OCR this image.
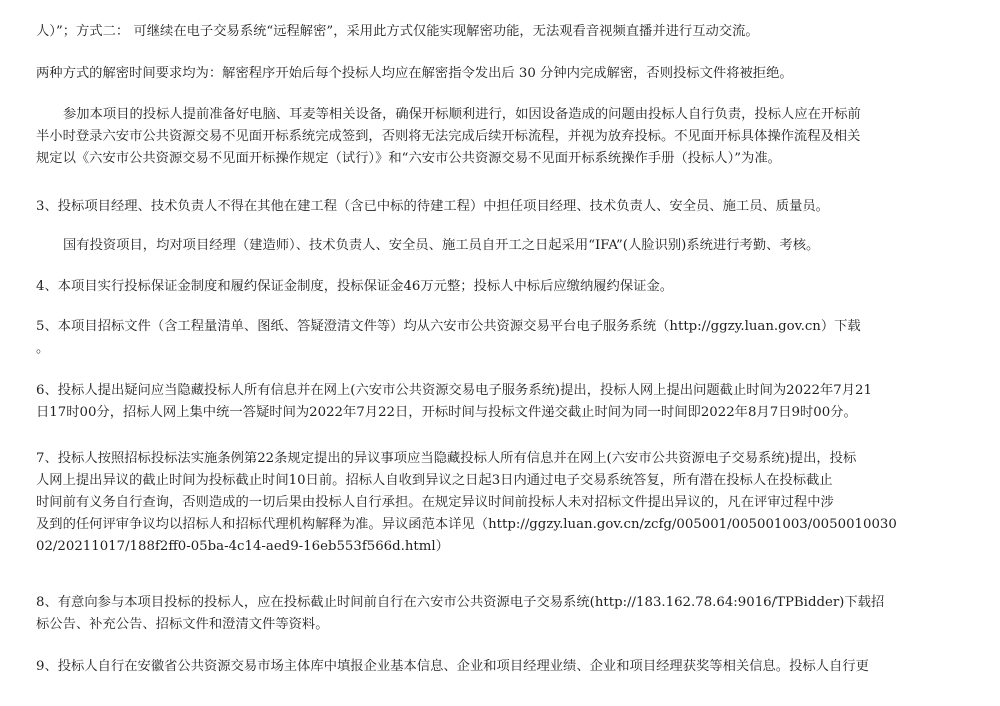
人）”；方式二： 可继续在电子交易系统“远程解密”，采用此方式仅能实现解密功能，无法观看音视频直播并进行互动交流。

两种方式的解密时间要求均为：解密程序开始后每个投标人均应在解密指令发出后 30 分钟内完成解密，否则投标文件将被拒绝。

参加本项目的投标人提前准备好电脑、耳麦等相关设备，确保开标顺利进行，如因设备造成的问题由投标人自行负责，投标人应在开标前
半小时登录六安市公共资源交易不见面开标系统完成签到，否则将无法完成后续开标流程，并视为放弃投标。不见面开标具体操作流程及相关
规定以《六安市公共资源交易不见面开标操作规定（试行）》和“六安市公共资源交易不见面开标系统操作手册（投标人）”为准。

3、投标项目经理、技术负责人不得在其他在建工程（含已中标的待建工程）中担任项目经理、技术负责人、安全员、施工员、质量员。

国有投资项目，均对项目经理（建造师）、技术负责人、安全员、施工员自开工之日起采用“IFA”(人脸识别)系统进行考勤、考核。

4、本项目实行投标保证金制度和履约保证金制度，投标保证金46万元整；投标人中标后应缴纳履约保证金。

5、本项目招标文件（含工程量清单、图纸、答疑澄清文件等）均从六安市公共资源交易平台电子服务系统（http://ggzy.luan.gov.cn）下载
。

6、投标人提出疑问应当隐藏投标人所有信息并在网上(六安市公共资源交易电子服务系统)提出，投标人网上提出问题截止时间为2022年7月21
日17时00分，招标人网上集中统一答疑时间为2022年7月22日，开标时间与投标文件递交截止时间为同一时间即2022年8月7日9时00分。

7、投标人按照招标投标法实施条例第22条规定提出的异议事项应当隐藏投标人所有信息并在网上(六安市公共资源电子交易系统)提出，投标
人网上提出异议的截止时间为投标截止时间10日前。招标人自收到异议之日起3日内通过电子交易系统答复，所有潜在投标人在投标截止
时间前有义务自行查询，否则造成的一切后果由投标人自行承担。在规定异议时间前投标人未对招标文件提出异议的，凡在评审过程中涉
及到的任何评审争议均以招标人和招标代理机构解释为准。异议函范本详见（http://ggzy.luan.gov.cn/zcfg/005001/005001003/0050010030
02/20211017/188f2ff0-05ba-4c14-aed9-16eb553f566d.html）

8、有意向参与本项目投标的投标人，应在投标截止时间前自行在六安市公共资源电子交易系统(http://183.162.78.64:9016/TPBidder)下载招
标公告、补充公告、招标文件和澄清文件等资料。

9、投标人自行在安徽省公共资源交易市场主体库中填报企业基本信息、企业和项目经理业绩、企业和项目经理获奖等相关信息。投标人自行更
